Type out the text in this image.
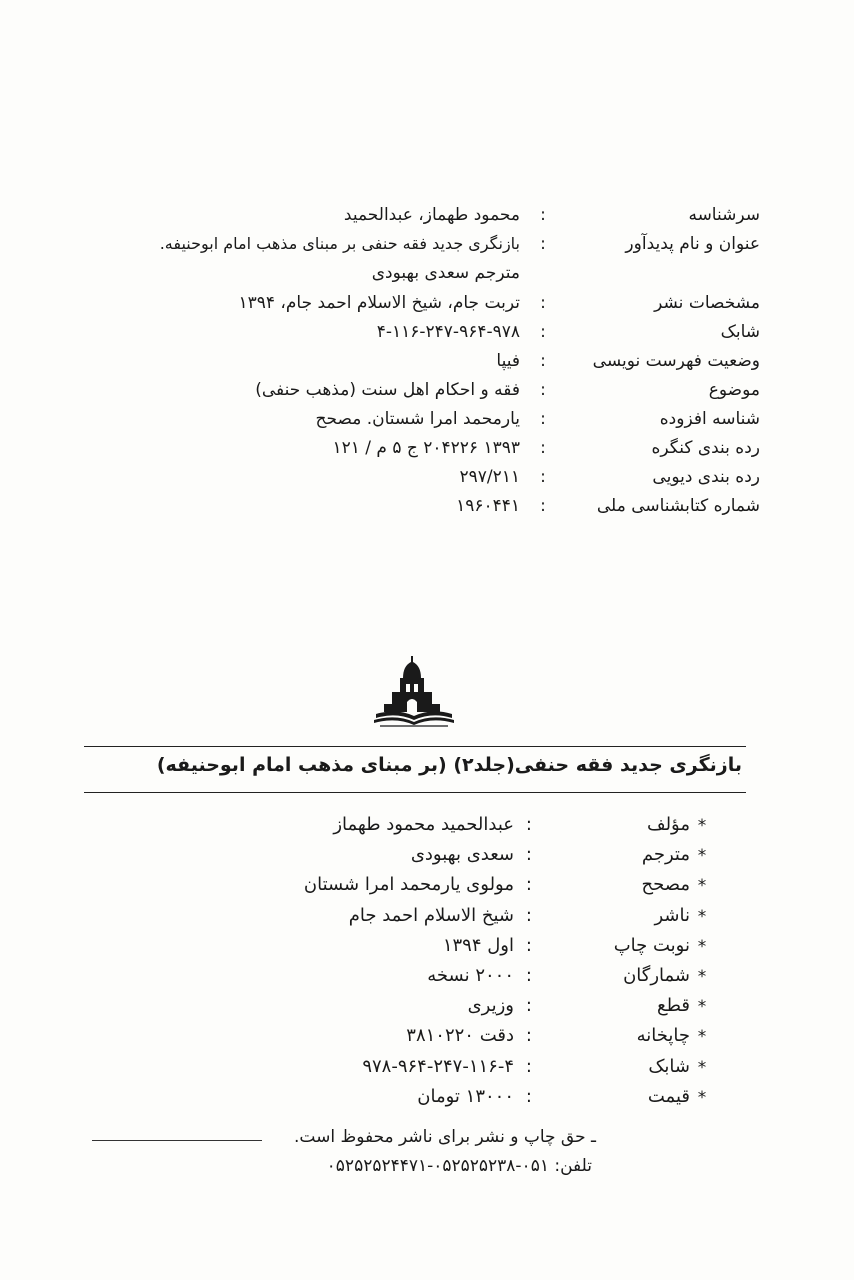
سرشناسه
:
محمود طهماز، عبدالحمید
عنوان و نام پدیدآور
:
بازنگری جدید فقه حنفی بر مبنای مذهب امام ابوحنیفه.
مترجم سعدی بهبودی
مشخصات نشر
:
تربت جام، شیخ الاسلام احمد جام، ۱۳۹۴
شابک
:
۴-۱۱۶-۲۴۷-۹۶۴-۹۷۸
وضعیت فهرست نویسی
:
فیپا
موضوع
:
فقه و احکام اهل سنت (مذهب حنفی)
شناسه افزوده
:
یارمحمد امرا شستان. مصحح
رده بندی کنگره
:
۱۳۹۳ ۲۰۴۲۲۶ ج ۵ م / ۱۲۱
رده بندی دیویی
:
۲۹۷/۲۱۱
شماره کتابشناسی ملی
:
۱۹۶۰۴۴۱
بازنگری جدید فقه حنفی(جلد۲) (بر مبنای مذهب امام ابوحنیفه)
*
مؤلف
:
عبدالحمید محمود طهماز
*
مترجم
:
سعدی بهبودی
*
مصحح
:
مولوی یارمحمد امرا شستان
*
ناشر
:
شیخ الاسلام احمد جام
*
نوبت چاپ
:
اول ۱۳۹۴
*
شمارگان
:
۲۰۰۰ نسخه
*
قطع
:
وزیری
*
چاپخانه
:
دقت ۳۸۱۰۲۲۰
*
شابک
:
۹۷۸-۹۶۴-۲۴۷-۱۱۶-۴
*
قیمت
:
۱۳۰۰۰ تومان
ـ حق چاپ و نشر برای ناشر محفوظ است.
تلفن: ۰۵۲۵۲۵۲۴۴۷۱-۰۵۲۵۲۵۲۳۸-۰۵۱
